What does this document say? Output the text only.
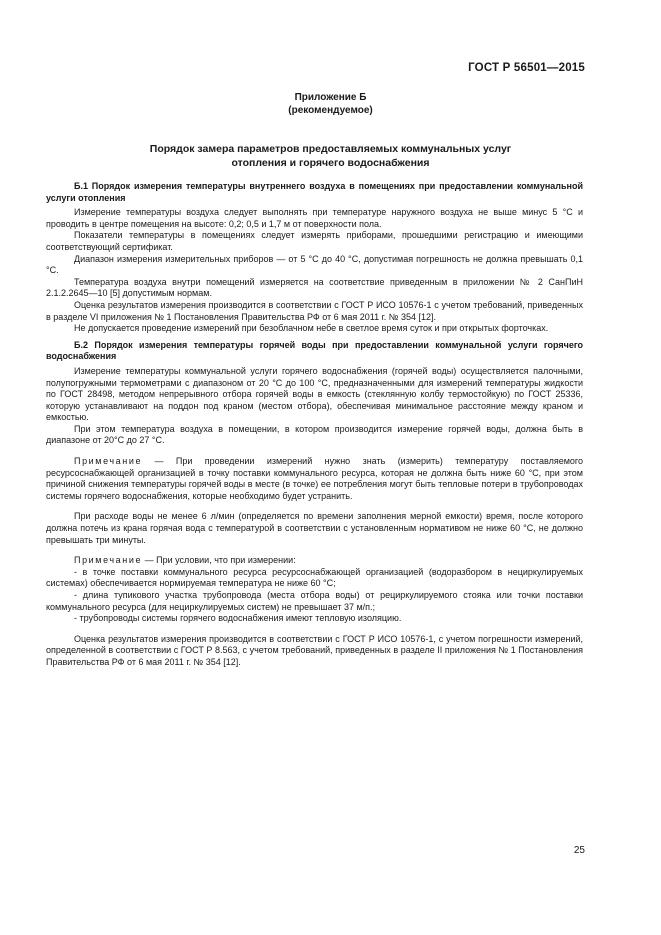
ГОСТ Р 56501—2015
Приложение Б
(рекомендуемое)
Порядок замера параметров предоставляемых коммунальных услуг
отопления и горячего водоснабжения

Б.1 Порядок измерения температуры внутреннего воздуха в помещениях при предоставлении коммунальной услуги отопления

Измерение температуры воздуха следует выполнять при температуре наружного воздуха не выше минус 5 °С и проводить в центре помещения на высоте: 0,2; 0,5 и 1,7 м от поверхности пола.

Показатели температуры в помещениях следует измерять приборами, прошедшими регистрацию и имеющими соответствующий сертификат.

Диапазон измерения измерительных приборов — от 5 °С до 40 °С, допустимая погрешность не должна превышать 0,1 °С.

Температура воздуха внутри помещений измеряется на соответствие приведенным в приложении № 2 СанПиН 2.1.2.2645—10 [5] допустимым нормам.

Оценка результатов измерения производится в соответствии с ГОСТ Р ИСО 10576-1 с учетом требований, приведенных в разделе VI приложения № 1 Постановления Правительства РФ от 6 мая 2011 г. № 354 [12].

Не допускается проведение измерений при безоблачном небе в светлое время суток и при открытых форточках.

Б.2 Порядок измерения температуры горячей воды при предоставлении коммунальной услуги горячего водоснабжения

Измерение температуры коммунальной услуги горячего водоснабжения (горячей воды) осуществляется палочными, полупогружными термометрами с диапазоном от 20 °С до 100 °С, предназначенными для измерений температуры жидкости по ГОСТ 28498, методом непрерывного отбора горячей воды в емкость (стеклянную колбу термостойкую) по ГОСТ 25336, которую устанавливают на поддон под краном (местом отбора), обеспечивая минимальное расстояние между краном и емкостью.

При этом температура воздуха в помещении, в котором производится измерение горячей воды, должна быть в диапазоне от 20°С до 27 °С.

Примечание — При проведении измерений нужно знать (измерить) температуру поставляемого ресурсоснабжающей организацией в точку поставки коммунального ресурса, которая не должна быть ниже 60 °С, при этом причиной снижения температуры горячей воды в месте (в точке) ее потребления могут быть тепловые потери в трубопроводах системы горячего водоснабжения, которые необходимо будет устранить.

При расходе воды не менее 6 л/мин (определяется по времени заполнения мерной емкости) время, после которого должна потечь из крана горячая вода с температурой в соответствии с установленным нормативом не ниже 60 °С, не должно превышать три минуты.

Примечание — При условии, что при измерении:

- в точке поставки коммунального ресурса ресурсоснабжающей организацией (водоразбором в нециркулируемых системах) обеспечивается нормируемая температура не ниже 60 °С;

- длина тупикового участка трубопровода (места отбора воды) от рециркулируемого стояка или точки поставки коммунального ресурса (для нециркулируемых систем) не превышает 37 м/п.;

- трубопроводы системы горячего водоснабжения имеют тепловую изоляцию.

Оценка результатов измерения производится в соответствии с ГОСТ Р ИСО 10576-1, с учетом погрешности измерений, определенной в соответствии с ГОСТ Р 8.563, с учетом требований, приведенных в разделе II приложения № 1 Постановления Правительства РФ от 6 мая 2011 г. № 354 [12].

25
